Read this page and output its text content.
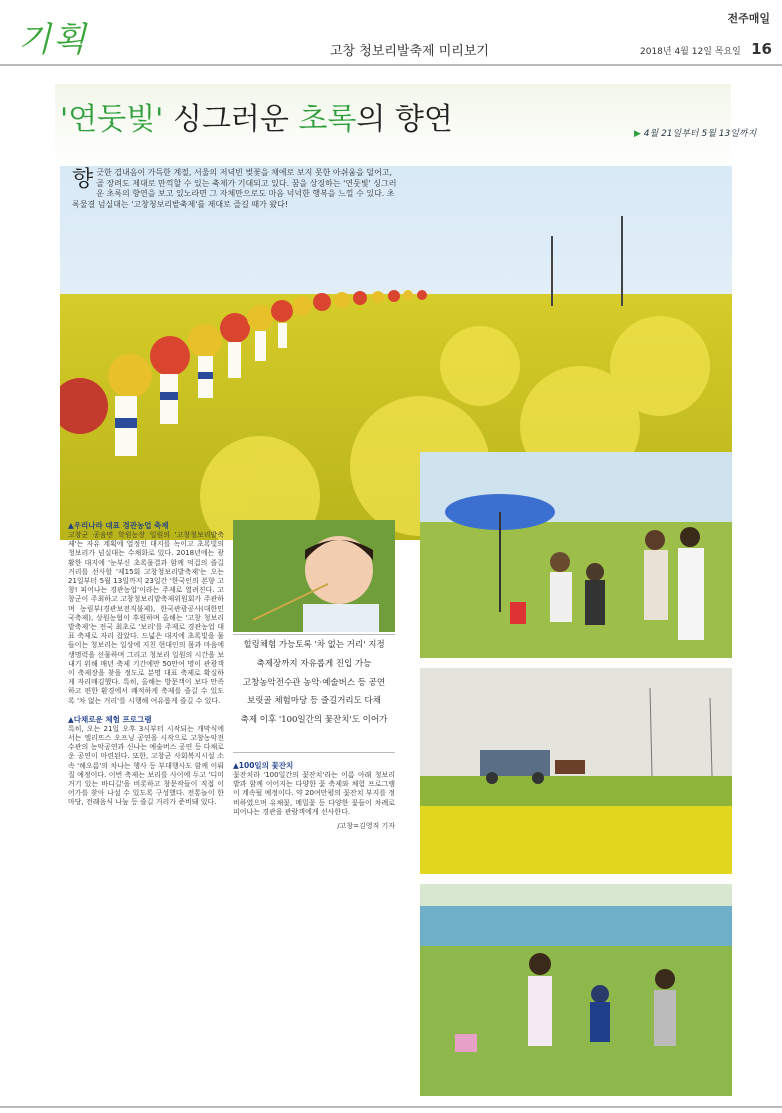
기획	고창 청보리발축제 미리보기
전주매일
2018년 4월 12일 목요일 16
'연둣빛' 싱그러운 초록의 향연	▶ 4월 21일부터 5월 13일까지
향긋한 겹내음이 가득한 계절, 서울의 저녁빈 벚꽃을 채에로 보지 못한 아쉬움을 덜어고, 골 장려도 제대로 만끽할 수 있는 축제가 기대되고 있다. 꿈을 상징하는 '연둣빛' 싱그러운 초록의 향연을 보고 있노라면 그 자체만으로도 마음 넉넉한 행복을 느낄 수 있다. 초록물결 넘실대는 '고창청보리밭축제'를 제대로 즐길 때가 왔다!
힐링체험 가능토록 '차 없는 거리' 지정
축제장까지 자유롭게 진입 가능
고창농악전수관 농악·예술버스 등 공연
보릿골 체험마당 등 즐길거리도 다채
축제 이후 '100일간의 꽃잔치'도 이어가
▲우리나라 대표 경관농업 축제
고창군 공음면 학원농장 일원의 '고창청보리밭축제'는 자유 계획에 열정인 대지를 녹이고 초록빛의 청보리가 넘실대는 수채화로 있다. 2018년에는 광활한 대지에 '눈부신 초록물결과 함께 억겁의 즐길거리를 선사할 '제15회 고창청보리밭축제'는 오는 21일부터 5월 13일까지 23일간 '한국인의 본향 고창! 피어나는 경관농업'이라는 주제로 열려진다. 고창군이 주최하고 고창청보리밭축제위원회가 주관하며 농림부(경관보전직불제), 한국관광공사(대한민국축제), 상원농협이 후원하며 올해는 '고창 청보리밭축제'는 전국 최초로 '보리'를 주제로 경관농업 대표 축제로 자리 잡았다. 드넓은 대지에 초록빛을 물들이는 청보리는 일상에 지친 현대인의 몸과 마음에 생명력을 선물하며 그리고 청보리 일원의 시간을 보내기 위해 매년 축제 기간에만 50만여 명이 관광객이 축제장을 찾을 정도로 분명 대표 축제로 확실하게 자리매김했다. 특히, 올해는 방문객이 보다 만족하고 편한 환경에서 쾌적하게 축제를 즐길 수 있도록 '차 없는 거리'를 시행해 여유롭게 즐길 수 있다.
▲다채로운 체험 프로그램
특히, 오는 21일 오후 3시부터 시작되는 개막식에서는 엘리뜨스 오프닝 공연을 시작으로 고창농악전수관의 농악공연과 신나는 예술버스 공연 등 다채로운 공연이 마련된다. 또한, 고창군 사회복지시설 소속 '해오름'의 차나는 행사 등 부대행사도 함께 이뤄질 예정이다. 이번 축제는 보리를 사이에 두고 '디미거기 있는 바디길'을 비롯하고 창문작들이 직접 이어가를 찾아 나설 수 있도록 구성했다. 전통놀이 한마당, 전래음식 나눔 등 즐길 거리가 준비돼 있다.
▲100일의 꽃잔치
꽃잔치라 '100일간의 꽃잔치'라는 이름 아래 청보리밭과 함께 이어지는 다양한 꽃 축제와 체험 프로그램이 계속될 예정이다. 약 20여만평의 꽃잔치 부지를 정비하였으며 유채꽃, 메밀꽃 등 다양한 꽃들이 차례로 피어나는 경관을 관람객에게 선사한다.
/고창=김영직 기자
